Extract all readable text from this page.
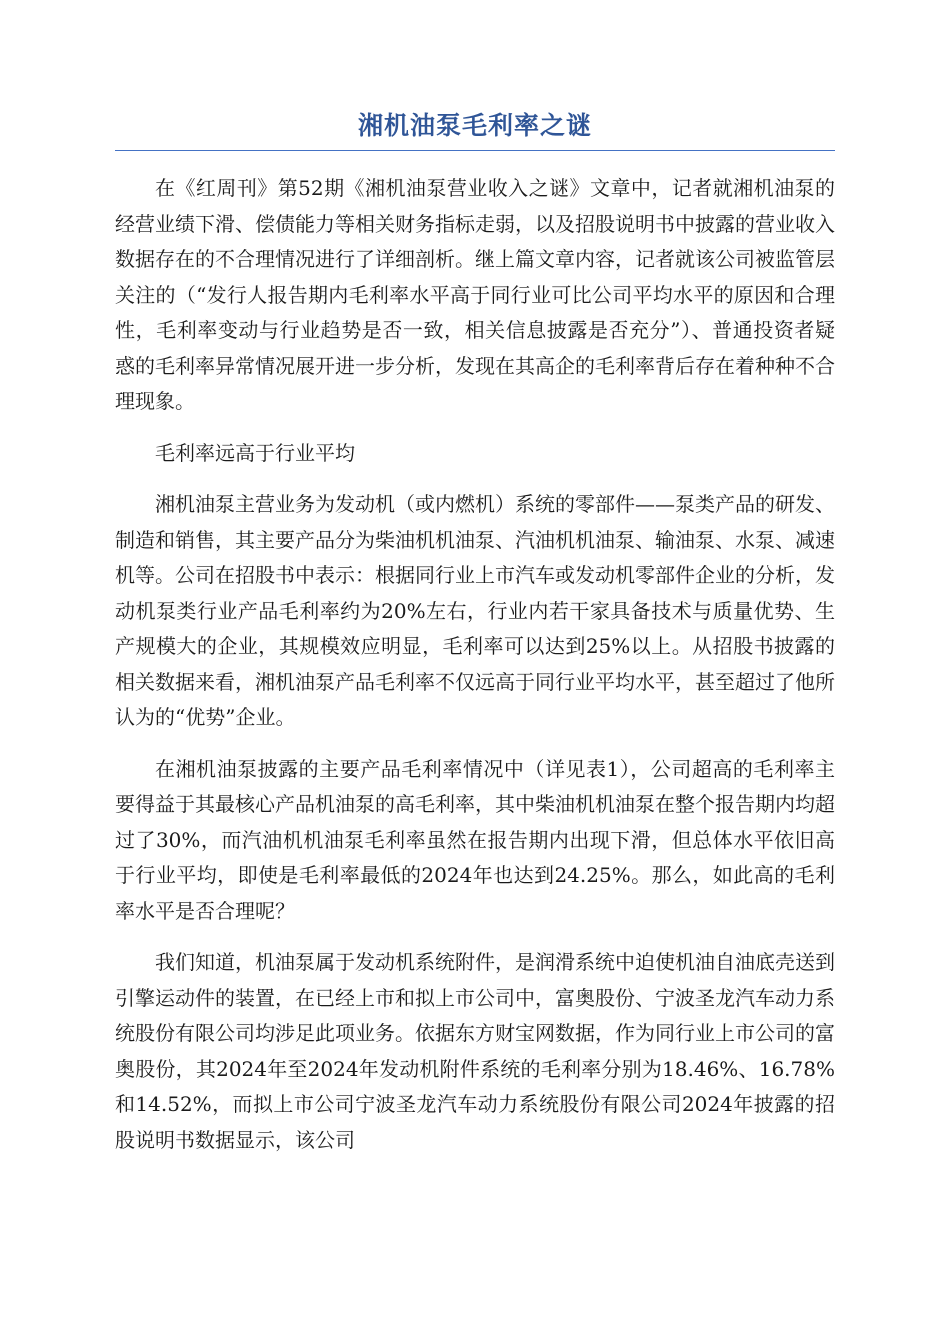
湘机油泵毛利率之谜

在《红周刊》第52期《湘机油泵营业收入之谜》文章中，记者就湘机油泵的经营业绩下滑、偿债能力等相关财务指标走弱，以及招股说明书中披露的营业收入数据存在的不合理情况进行了详细剖析。继上篇文章内容，记者就该公司被监管层关注的（“发行人报告期内毛利率水平高于同行业可比公司平均水平的原因和合理性，毛利率变动与行业趋势是否一致，相关信息披露是否充分”）、普通投资者疑惑的毛利率异常情况展开进一步分析，发现在其高企的毛利率背后存在着种种不合理现象。

毛利率远高于行业平均

湘机油泵主营业务为发动机（或内燃机）系统的零部件——泵类产品的研发、制造和销售，其主要产品分为柴油机机油泵、汽油机机油泵、输油泵、水泵、减速机等。公司在招股书中表示：根据同行业上市汽车或发动机零部件企业的分析，发动机泵类行业产品毛利率约为20%左右，行业内若干家具备技术与质量优势、生产规模大的企业，其规模效应明显，毛利率可以达到25%以上。从招股书披露的相关数据来看，湘机油泵产品毛利率不仅远高于同行业平均水平，甚至超过了他所认为的“优势”企业。

在湘机油泵披露的主要产品毛利率情况中（详见表1），公司超高的毛利率主要得益于其最核心产品机油泵的高毛利率，其中柴油机机油泵在整个报告期内均超过了30%，而汽油机机油泵毛利率虽然在报告期内出现下滑，但总体水平依旧高于行业平均，即使是毛利率最低的2024年也达到24.25%。那么，如此高的毛利率水平是否合理呢？

我们知道，机油泵属于发动机系统附件，是润滑系统中迫使机油自油底壳送到引擎运动件的装置，在已经上市和拟上市公司中，富奥股份、宁波圣龙汽车动力系统股份有限公司均涉足此项业务。依据东方财宝网数据，作为同行业上市公司的富奥股份，其2024年至2024年发动机附件系统的毛利率分别为18.46%、16.78%和14.52%，而拟上市公司宁波圣龙汽车动力系统股份有限公司2024年披露的招股说明书数据显示，该公司
